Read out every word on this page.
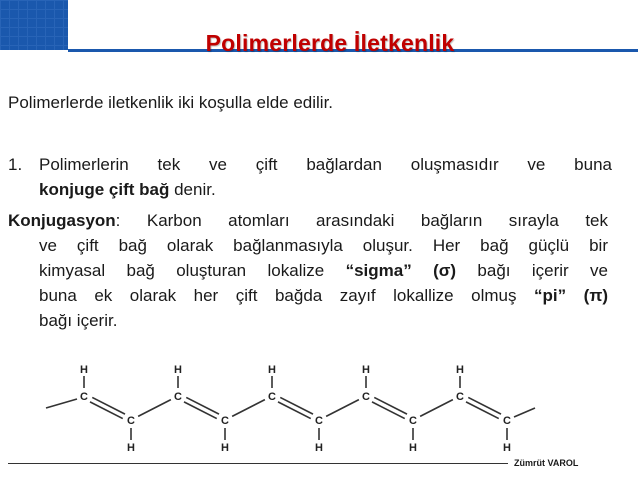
Polimerlerde İletkenlik
Polimerlerde iletkenlik iki koşulla elde edilir.
1. Polimerlerin tek ve çift bağlardan oluşmasıdır ve buna
konjuge çift bağ denir.
Konjugasyon: Karbon atomları arasındaki bağların sırayla tek
ve çift bağ olarak bağlanmasıyla oluşur. Her bağ güçlü bir
kimyasal bağ oluşturan lokalize “sigma” (σ) bağı içerir ve
buna ek olarak her çift bağda zayıf lokallize olmuş “pi” (π)
bağı içerir.
C
H
C
H
C
H
C
H
C
H
C
H
C
H
C
H
C
H
C
H
Zümrüt VAROL
